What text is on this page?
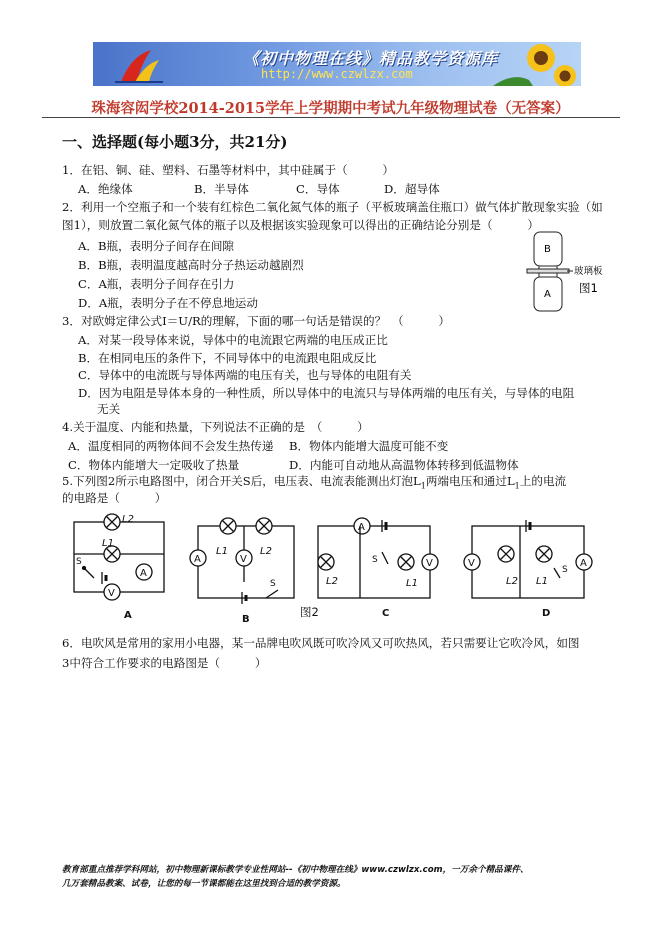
《初中物理在线》精品教学资源库
http://www.czwlzx.com
珠海容闳学校2014-2015学年上学期期中考试九年级物理试卷（无答案）
一、选择题(每小题3分，共21分)
1．在铝、铜、硅、塑料、石墨等材料中，其中硅属于（　　　）
A．绝缘体	B．半导体	C．导体	D．超导体
2．利用一个空瓶子和一个装有红棕色二氧化氮气体的瓶子（平板玻璃盖住瓶口）做气体扩散现象实验（如
图1），则放置二氧化氮气体的瓶子以及根据该实验现象可以得出的正确结论分别是（　　　）
A．B瓶，表明分子间存在间隙
B．B瓶，表明温度越高时分子热运动越剧烈
C．A瓶，表明分子间存在引力
D．A瓶，表明分子在不停息地运动
B
A
玻璃板
图1
3．对欧姆定律公式I＝U/R的理解，下面的哪一句话是错误的？　（　　　）
A．对某一段导体来说，导体中的电流跟它两端的电压成正比
B．在相同电压的条件下，不同导体中的电流跟电阻成反比
C．导体中的电流既与导体两端的电压有关，也与导体的电阻有关
D．因为电阻是导体本身的一种性质，所以导体中的电流只与导体两端的电压有关，与导体的电阻
无关
4.关于温度、内能和热量，下列说法不正确的是　（　　　）
A．温度相同的两物体间不会发生热传递 B．物体内能增大温度可能不变
C．物体内能增大一定吸收了热量	D．内能可自动地从高温物体转移到低温物体
5.下列图2所示电路图中，闭合开关S后，电压表、电流表能测出灯泡$L_1$两端电压和通过$L_1$上的电流
的电路是（　　　）
L2
L1
S
A
V
A
A	V
L1	L2
S
B
A
V
L2	L1
S
C
V	A
L2 L1
S
D
图2
6．电吹风是常用的家用小电器，某一品牌电吹风既可吹冷风又可吹热风，若只需要让它吹冷风，如图
3中符合工作要求的电路图是（　　　）
教育部重点推荐学科网站，初中物理新课标教学专业性网站--《初中物理在线》www.czwlzx.com，一万余个精品课件、
几万套精品教案、试卷，让您的每一节课都能在这里找到合适的教学资源。
